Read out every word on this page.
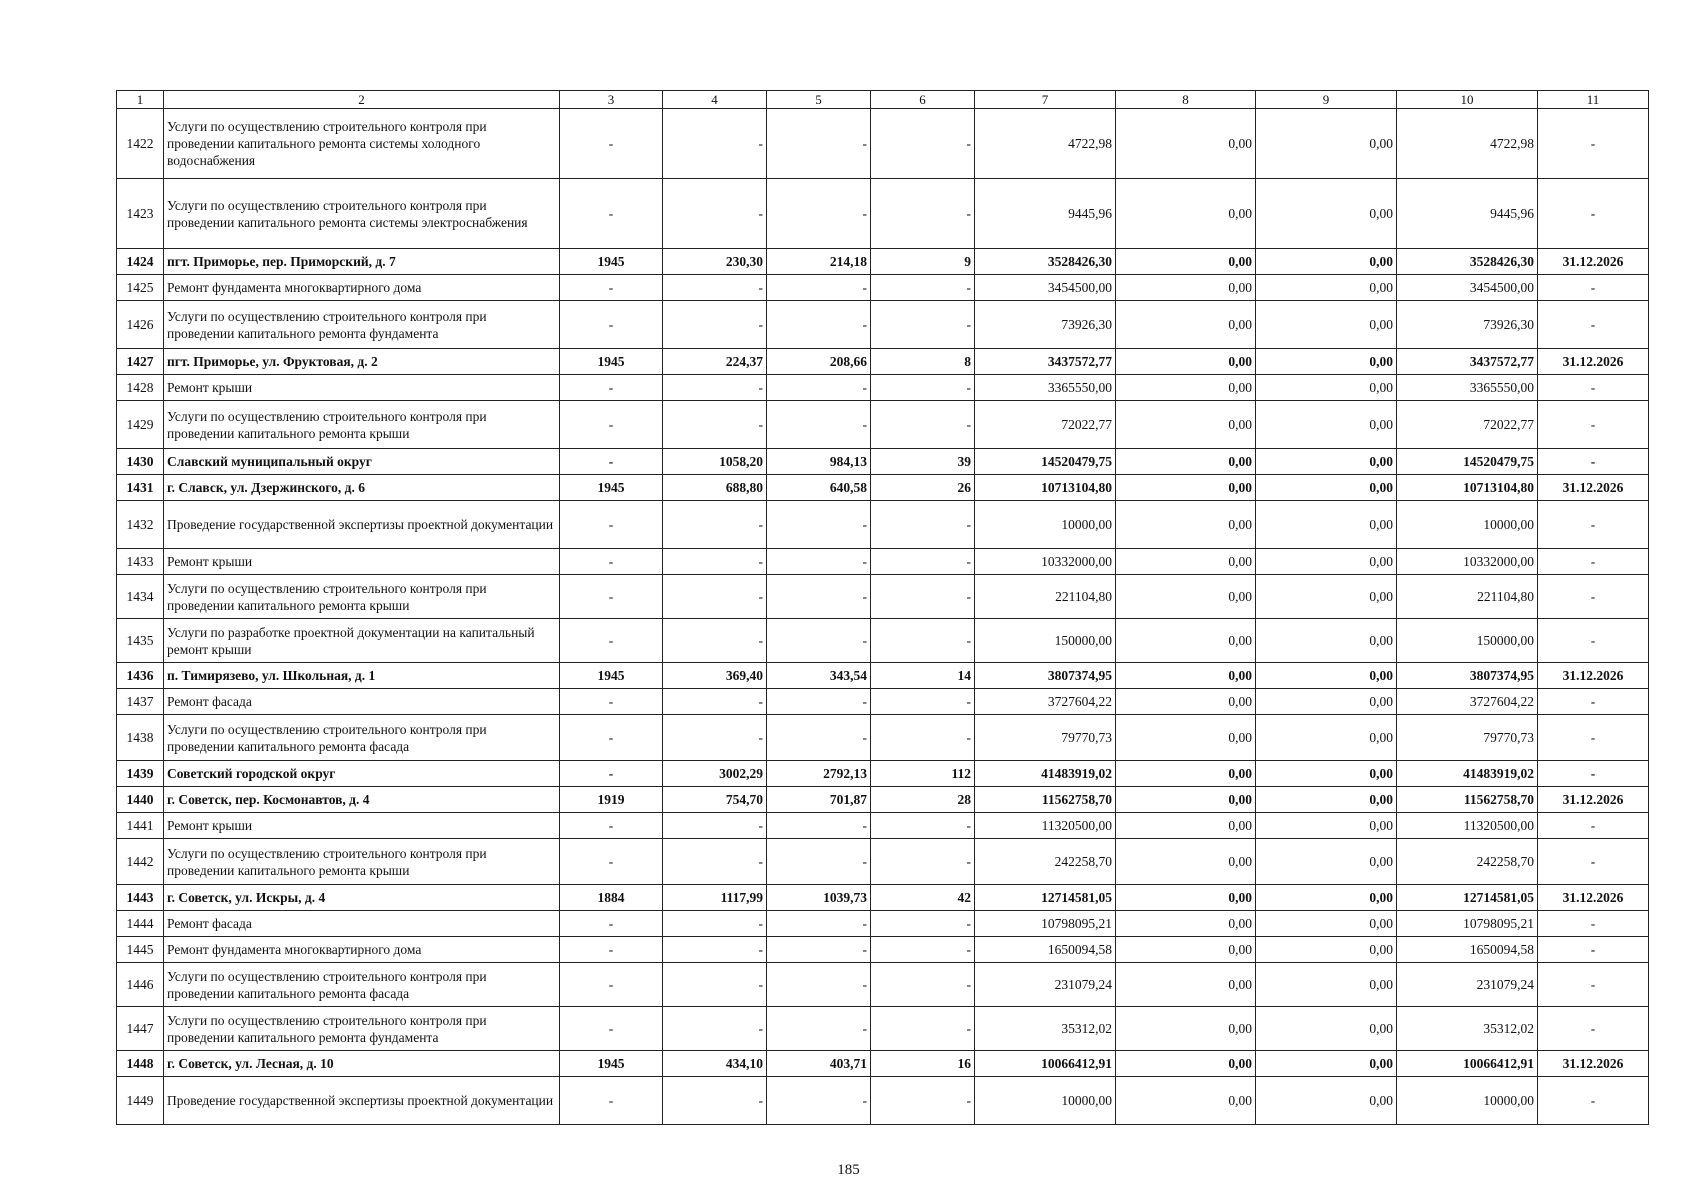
1	2	3	4	5	6	7	8	9	10	11
1422	Услуги по осуществлению строительного контроля при проведении капитального ремонта системы холодного водоснабжения	-	-	-	-	4722,98	0,00	0,00	4722,98	-
1423	Услуги по осуществлению строительного контроля при проведении капитального ремонта системы электроснабжения	-	-	-	-	9445,96	0,00	0,00	9445,96	-
1424	пгт. Приморье, пер. Приморский, д. 7	1945	230,30	214,18	9	3528426,30	0,00	0,00	3528426,30	31.12.2026
1425	Ремонт фундамента многоквартирного дома	-	-	-	-	3454500,00	0,00	0,00	3454500,00	-
1426	Услуги по осуществлению строительного контроля при проведении капитального ремонта фундамента	-	-	-	-	73926,30	0,00	0,00	73926,30	-
1427	пгт. Приморье, ул. Фруктовая, д. 2	1945	224,37	208,66	8	3437572,77	0,00	0,00	3437572,77	31.12.2026
1428	Ремонт крыши	-	-	-	-	3365550,00	0,00	0,00	3365550,00	-
1429	Услуги по осуществлению строительного контроля при проведении капитального ремонта крыши	-	-	-	-	72022,77	0,00	0,00	72022,77	-
1430	Славский муниципальный округ	-	1058,20	984,13	39	14520479,75	0,00	0,00	14520479,75	-
1431	г. Славск, ул. Дзержинского, д. 6	1945	688,80	640,58	26	10713104,80	0,00	0,00	10713104,80	31.12.2026
1432	Проведение государственной экспертизы проектной документации	-	-	-	-	10000,00	0,00	0,00	10000,00	-
1433	Ремонт крыши	-	-	-	-	10332000,00	0,00	0,00	10332000,00	-
1434	Услуги по осуществлению строительного контроля при проведении капитального ремонта крыши	-	-	-	-	221104,80	0,00	0,00	221104,80	-
1435	Услуги по разработке проектной документации на капитальный ремонт крыши	-	-	-	-	150000,00	0,00	0,00	150000,00	-
1436	п. Тимирязево, ул. Школьная, д. 1	1945	369,40	343,54	14	3807374,95	0,00	0,00	3807374,95	31.12.2026
1437	Ремонт фасада	-	-	-	-	3727604,22	0,00	0,00	3727604,22	-
1438	Услуги по осуществлению строительного контроля при проведении капитального ремонта фасада	-	-	-	-	79770,73	0,00	0,00	79770,73	-
1439	Советский городской округ	-	3002,29	2792,13	112	41483919,02	0,00	0,00	41483919,02	-
1440	г. Советск, пер. Космонавтов, д. 4	1919	754,70	701,87	28	11562758,70	0,00	0,00	11562758,70	31.12.2026
1441	Ремонт крыши	-	-	-	-	11320500,00	0,00	0,00	11320500,00	-
1442	Услуги по осуществлению строительного контроля при проведении капитального ремонта крыши	-	-	-	-	242258,70	0,00	0,00	242258,70	-
1443	г. Советск, ул. Искры, д. 4	1884	1117,99	1039,73	42	12714581,05	0,00	0,00	12714581,05	31.12.2026
1444	Ремонт фасада	-	-	-	-	10798095,21	0,00	0,00	10798095,21	-
1445	Ремонт фундамента многоквартирного дома	-	-	-	-	1650094,58	0,00	0,00	1650094,58	-
1446	Услуги по осуществлению строительного контроля при проведении капитального ремонта фасада	-	-	-	-	231079,24	0,00	0,00	231079,24	-
1447	Услуги по осуществлению строительного контроля при проведении капитального ремонта фундамента	-	-	-	-	35312,02	0,00	0,00	35312,02	-
1448	г. Советск, ул. Лесная, д. 10	1945	434,10	403,71	16	10066412,91	0,00	0,00	10066412,91	31.12.2026
1449	Проведение государственной экспертизы проектной документации	-	-	-	-	10000,00	0,00	0,00	10000,00	-
185
